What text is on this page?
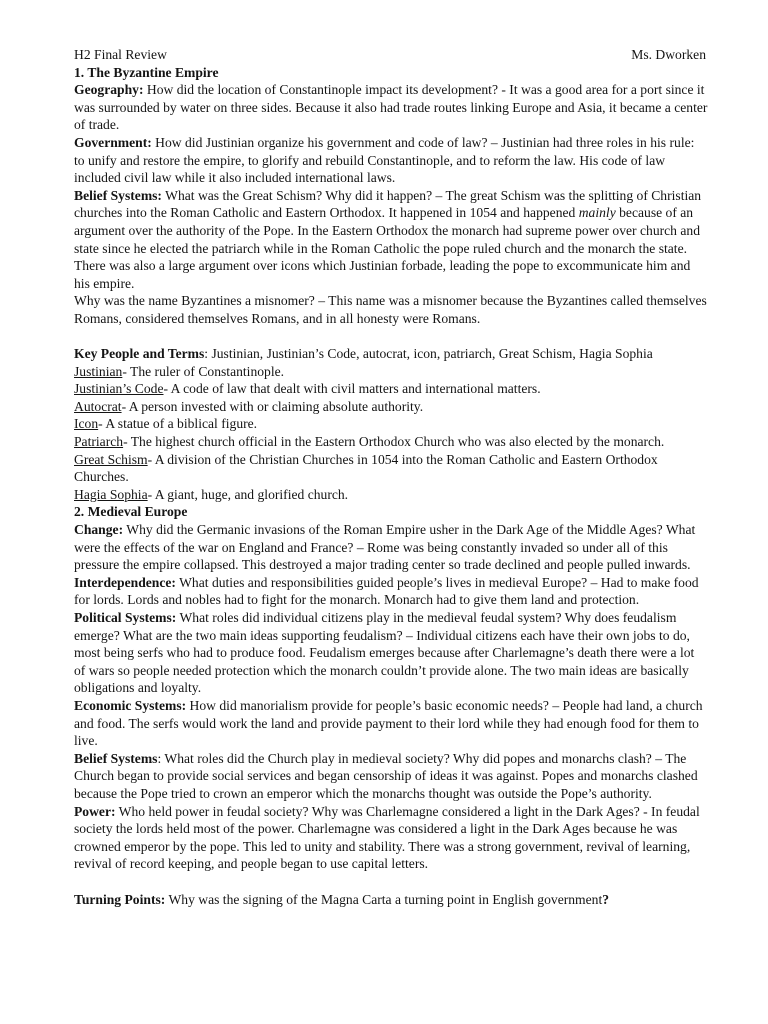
H2 Final Review	Ms. Dworken

1. The Byzantine Empire

Geography: How did the location of Constantinople impact its development? - It was a good area for a port since it was surrounded by water on three sides. Because it also had trade routes linking Europe and Asia, it became a center of trade.

Government: How did Justinian organize his government and code of law? – Justinian had three roles in his rule: to unify and restore the empire, to glorify and rebuild Constantinople, and to reform the law. His code of law included civil law while it also included international laws.

Belief Systems: What was the Great Schism? Why did it happen? – The great Schism was the splitting of Christian churches into the Roman Catholic and Eastern Orthodox. It happened in 1054 and happened mainly because of an argument over the authority of the Pope. In the Eastern Orthodox the monarch had supreme power over church and state since he elected the patriarch while in the Roman Catholic the pope ruled church and the monarch the state. There was also a large argument over icons which Justinian forbade, leading the pope to excommunicate him and his empire.

Why was the name Byzantines a misnomer? – This name was a misnomer because the Byzantines called themselves Romans, considered themselves Romans, and in all honesty were Romans.

Key People and Terms: Justinian, Justinian’s Code, autocrat, icon, patriarch, Great Schism, Hagia Sophia

Justinian- The ruler of Constantinople.

Justinian’s Code- A code of law that dealt with civil matters and international matters.

Autocrat- A person invested with or claiming absolute authority.

Icon- A statue of a biblical figure.

Patriarch- The highest church official in the Eastern Orthodox Church who was also elected by the monarch.

Great Schism- A division of the Christian Churches in 1054 into the Roman Catholic and Eastern Orthodox Churches.

Hagia Sophia- A giant, huge, and glorified church.

2. Medieval Europe

Change: Why did the Germanic invasions of the Roman Empire usher in the Dark Age of the Middle Ages? What were the effects of the war on England and France? – Rome was being constantly invaded so under all of this pressure the empire collapsed. This destroyed a major trading center so trade declined and people pulled inwards.

Interdependence: What duties and responsibilities guided people’s lives in medieval Europe? – Had to make food for lords. Lords and nobles had to fight for the monarch. Monarch had to give them land and protection.

Political Systems: What roles did individual citizens play in the medieval feudal system? Why does feudalism emerge? What are the two main ideas supporting feudalism? – Individual citizens each have their own jobs to do, most being serfs who had to produce food. Feudalism emerges because after Charlemagne’s death there were a lot of wars so people needed protection which the monarch couldn’t provide alone. The two main ideas are basically obligations and loyalty.

Economic Systems: How did manorialism provide for people’s basic economic needs? – People had land, a church and food. The serfs would work the land and provide payment to their lord while they had enough food for them to live.

Belief Systems: What roles did the Church play in medieval society? Why did popes and monarchs clash? – The Church began to provide social services and began censorship of ideas it was against. Popes and monarchs clashed because the Pope tried to crown an emperor which the monarchs thought was outside the Pope’s authority.

Power: Who held power in feudal society? Why was Charlemagne considered a light in the Dark Ages? - In feudal society the lords held most of the power. Charlemagne was considered a light in the Dark Ages because he was crowned emperor by the pope. This led to unity and stability. There was a strong government, revival of learning, revival of record keeping, and people began to use capital letters.

Turning Points: Why was the signing of the Magna Carta a turning point in English government?
